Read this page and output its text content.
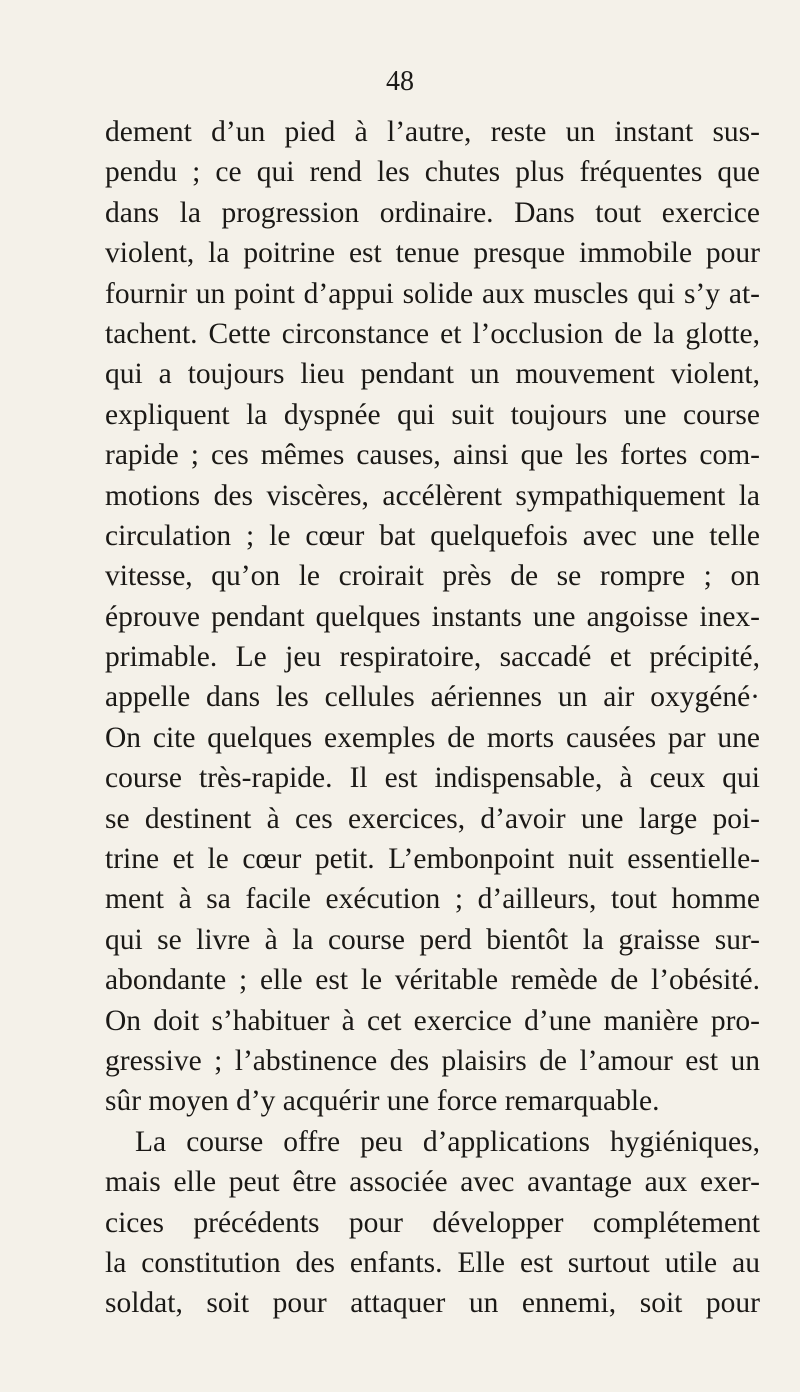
48
dement d’un pied à l’autre, reste un instant sus-
pendu ; ce qui rend les chutes plus fréquentes que
dans la progression ordinaire. Dans tout exercice
violent, la poitrine est tenue presque immobile pour
fournir un point d’appui solide aux muscles qui s’y at-
tachent. Cette circonstance et l’occlusion de la glotte,
qui a toujours lieu pendant un mouvement violent,
expliquent la dyspnée qui suit toujours une course
rapide ; ces mêmes causes, ainsi que les fortes com-
motions des viscères, accélèrent sympathiquement la
circulation ; le cœur bat quelquefois avec une telle
vitesse, qu’on le croirait près de se rompre ; on
éprouve pendant quelques instants une angoisse inex-
primable. Le jeu respiratoire, saccadé et précipité,
appelle dans les cellules aériennes un air oxygéné·
On cite quelques exemples de morts causées par une
course très-rapide. Il est indispensable, à ceux qui
se destinent à ces exercices, d’avoir une large poi-
trine et le cœur petit. L’embonpoint nuit essentielle-
ment à sa facile exécution ; d’ailleurs, tout homme
qui se livre à la course perd bientôt la graisse sur-
abondante ; elle est le véritable remède de l’obésité.
On doit s’habituer à cet exercice d’une manière pro-
gressive ; l’abstinence des plaisirs de l’amour est un
sûr moyen d’y acquérir une force remarquable.
La course offre peu d’applications hygiéniques,
mais elle peut être associée avec avantage aux exer-
cices précédents pour développer complétement
la constitution des enfants. Elle est surtout utile au
soldat, soit pour attaquer un ennemi, soit pour
